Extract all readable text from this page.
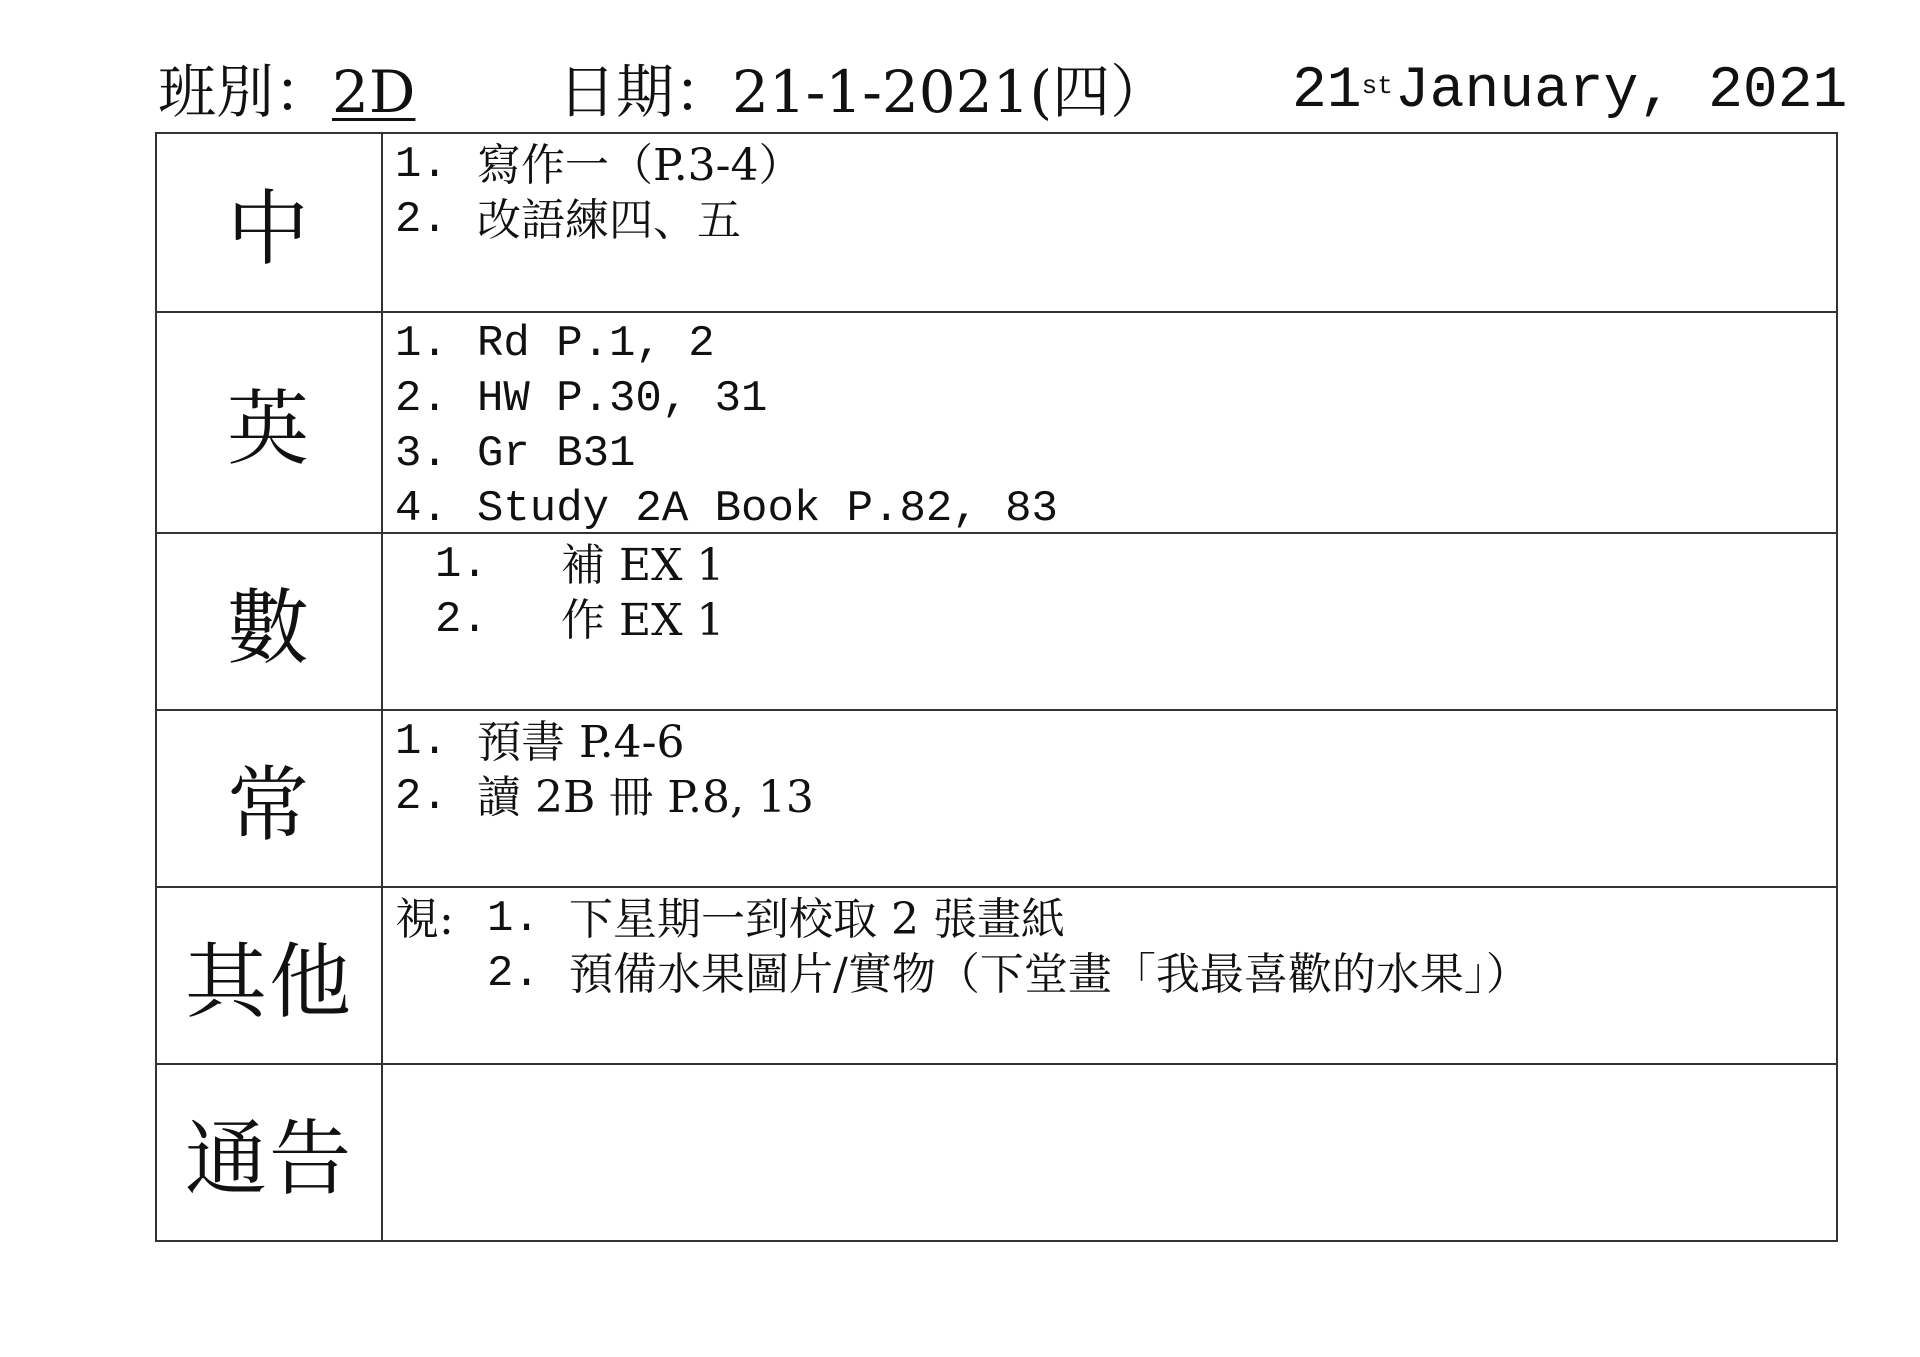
班別：2D 日期：21-1-2021(四） 21stJanuary, 2021
中
1. 寫作一（P.3-4）
2. 改語練四、五
英
1. Rd P.1, 2
2. HW P.30, 31
3. Gr B31
4. Study 2A Book P.82, 83
數
1.	補 EX 1
2.	作 EX 1
常
1. 預書 P.4-6
2. 讀 2B 冊 P.8, 13
其他
視: 1. 下星期一到校取 2 張畫紙
2. 預備水果圖片/實物（下堂畫「我最喜歡的水果」）
通告
